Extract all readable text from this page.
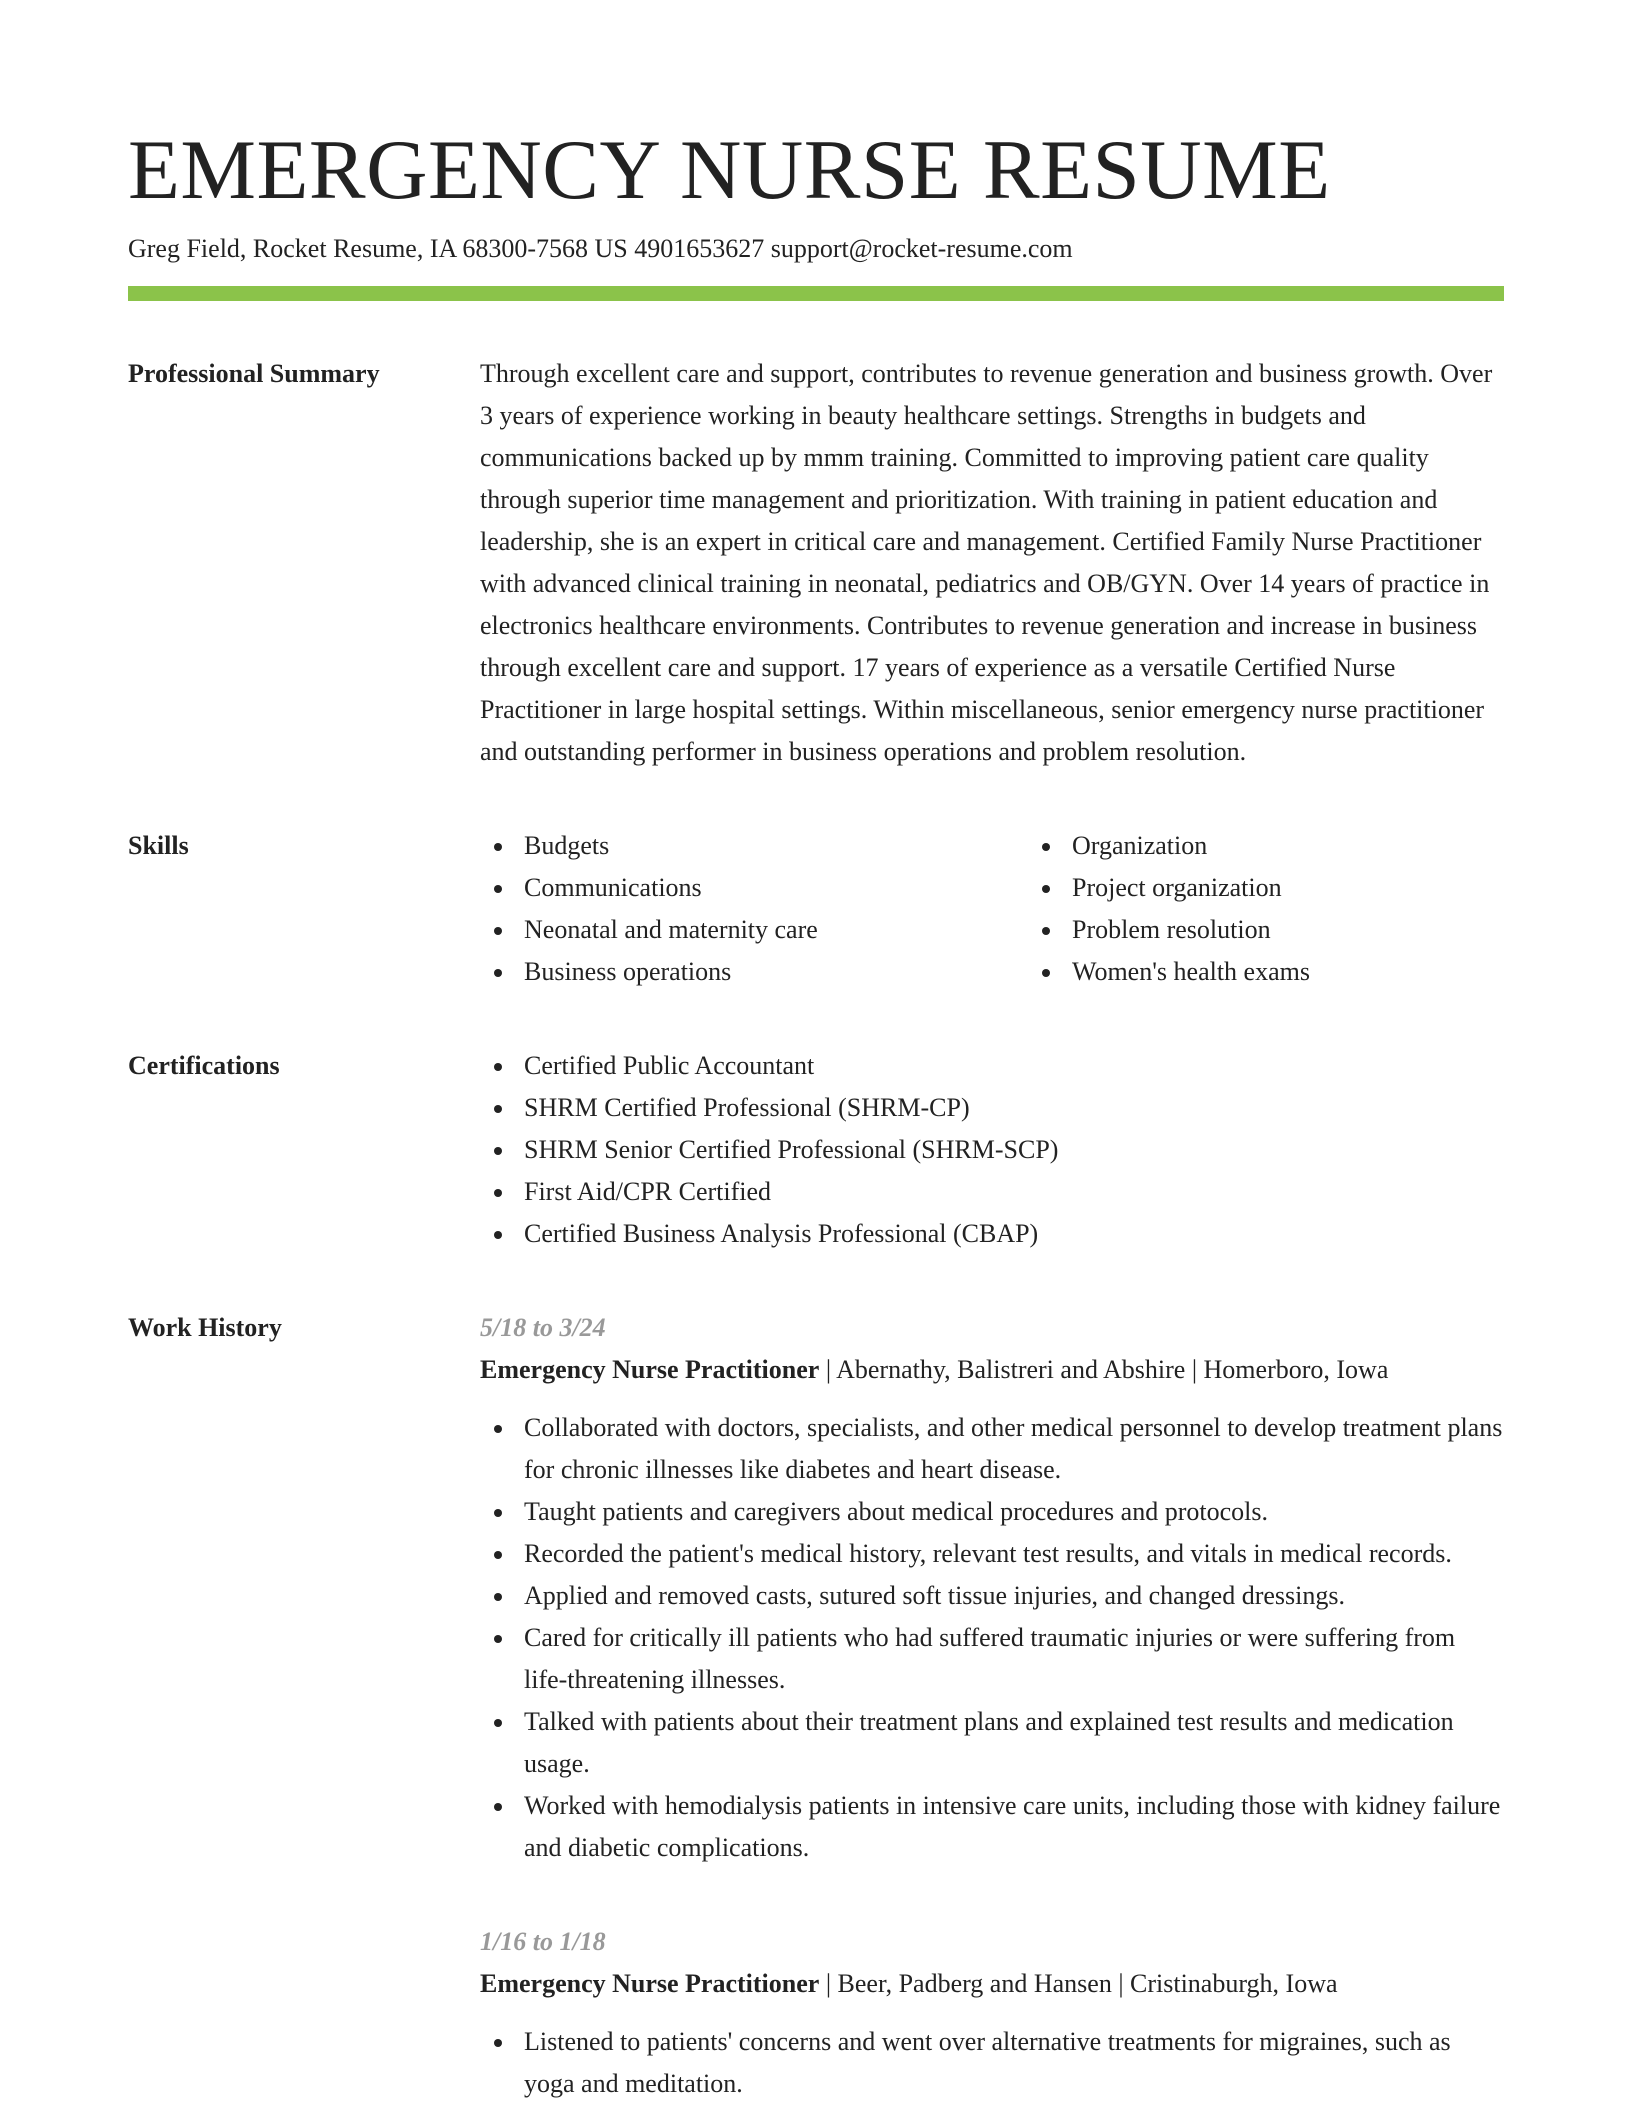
EMERGENCY NURSE RESUME
Greg Field, Rocket Resume, IA 68300-7568 US 4901653627 support@rocket-resume.com
Professional Summary	Through excellent care and support, contributes to revenue generation and business growth. Over 3 years of experience working in beauty healthcare settings. Strengths in budgets and communications backed up by mmm training. Committed to improving patient care quality through superior time management and prioritization. With training in patient education and leadership, she is an expert in critical care and management. Certified Family Nurse Practitioner with advanced clinical training in neonatal, pediatrics and OB/GYN. Over 14 years of practice in electronics healthcare environments. Contributes to revenue generation and increase in business through excellent care and support. 17 years of experience as a versatile Certified Nurse Practitioner in large hospital settings. Within miscellaneous, senior emergency nurse practitioner and outstanding performer in business operations and problem resolution.

Skills	Budgets
Communications
Neonatal and maternity care
Business operations
Organization
Project organization
Problem resolution
Women's health exams
Certifications	Certified Public Accountant
SHRM Certified Professional (SHRM-CP)
SHRM Senior Certified Professional (SHRM-SCP)
First Aid/CPR Certified
Certified Business Analysis Professional (CBAP)
Work History	5/18 to 3/24
Emergency Nurse Practitioner | Abernathy, Balistreri and Abshire | Homerboro, Iowa
Collaborated with doctors, specialists, and other medical personnel to develop treatment plans for chronic illnesses like diabetes and heart disease.
Taught patients and caregivers about medical procedures and protocols.
Recorded the patient's medical history, relevant test results, and vitals in medical records.
Applied and removed casts, sutured soft tissue injuries, and changed dressings.
Cared for critically ill patients who had suffered traumatic injuries or were suffering from life-threatening illnesses.
Talked with patients about their treatment plans and explained test results and medication usage.
Worked with hemodialysis patients in intensive care units, including those with kidney failure and diabetic complications.
1/16 to 1/18
Emergency Nurse Practitioner | Beer, Padberg and Hansen | Cristinaburgh, Iowa
Listened to patients' concerns and went over alternative treatments for migraines, such as yoga and meditation.
